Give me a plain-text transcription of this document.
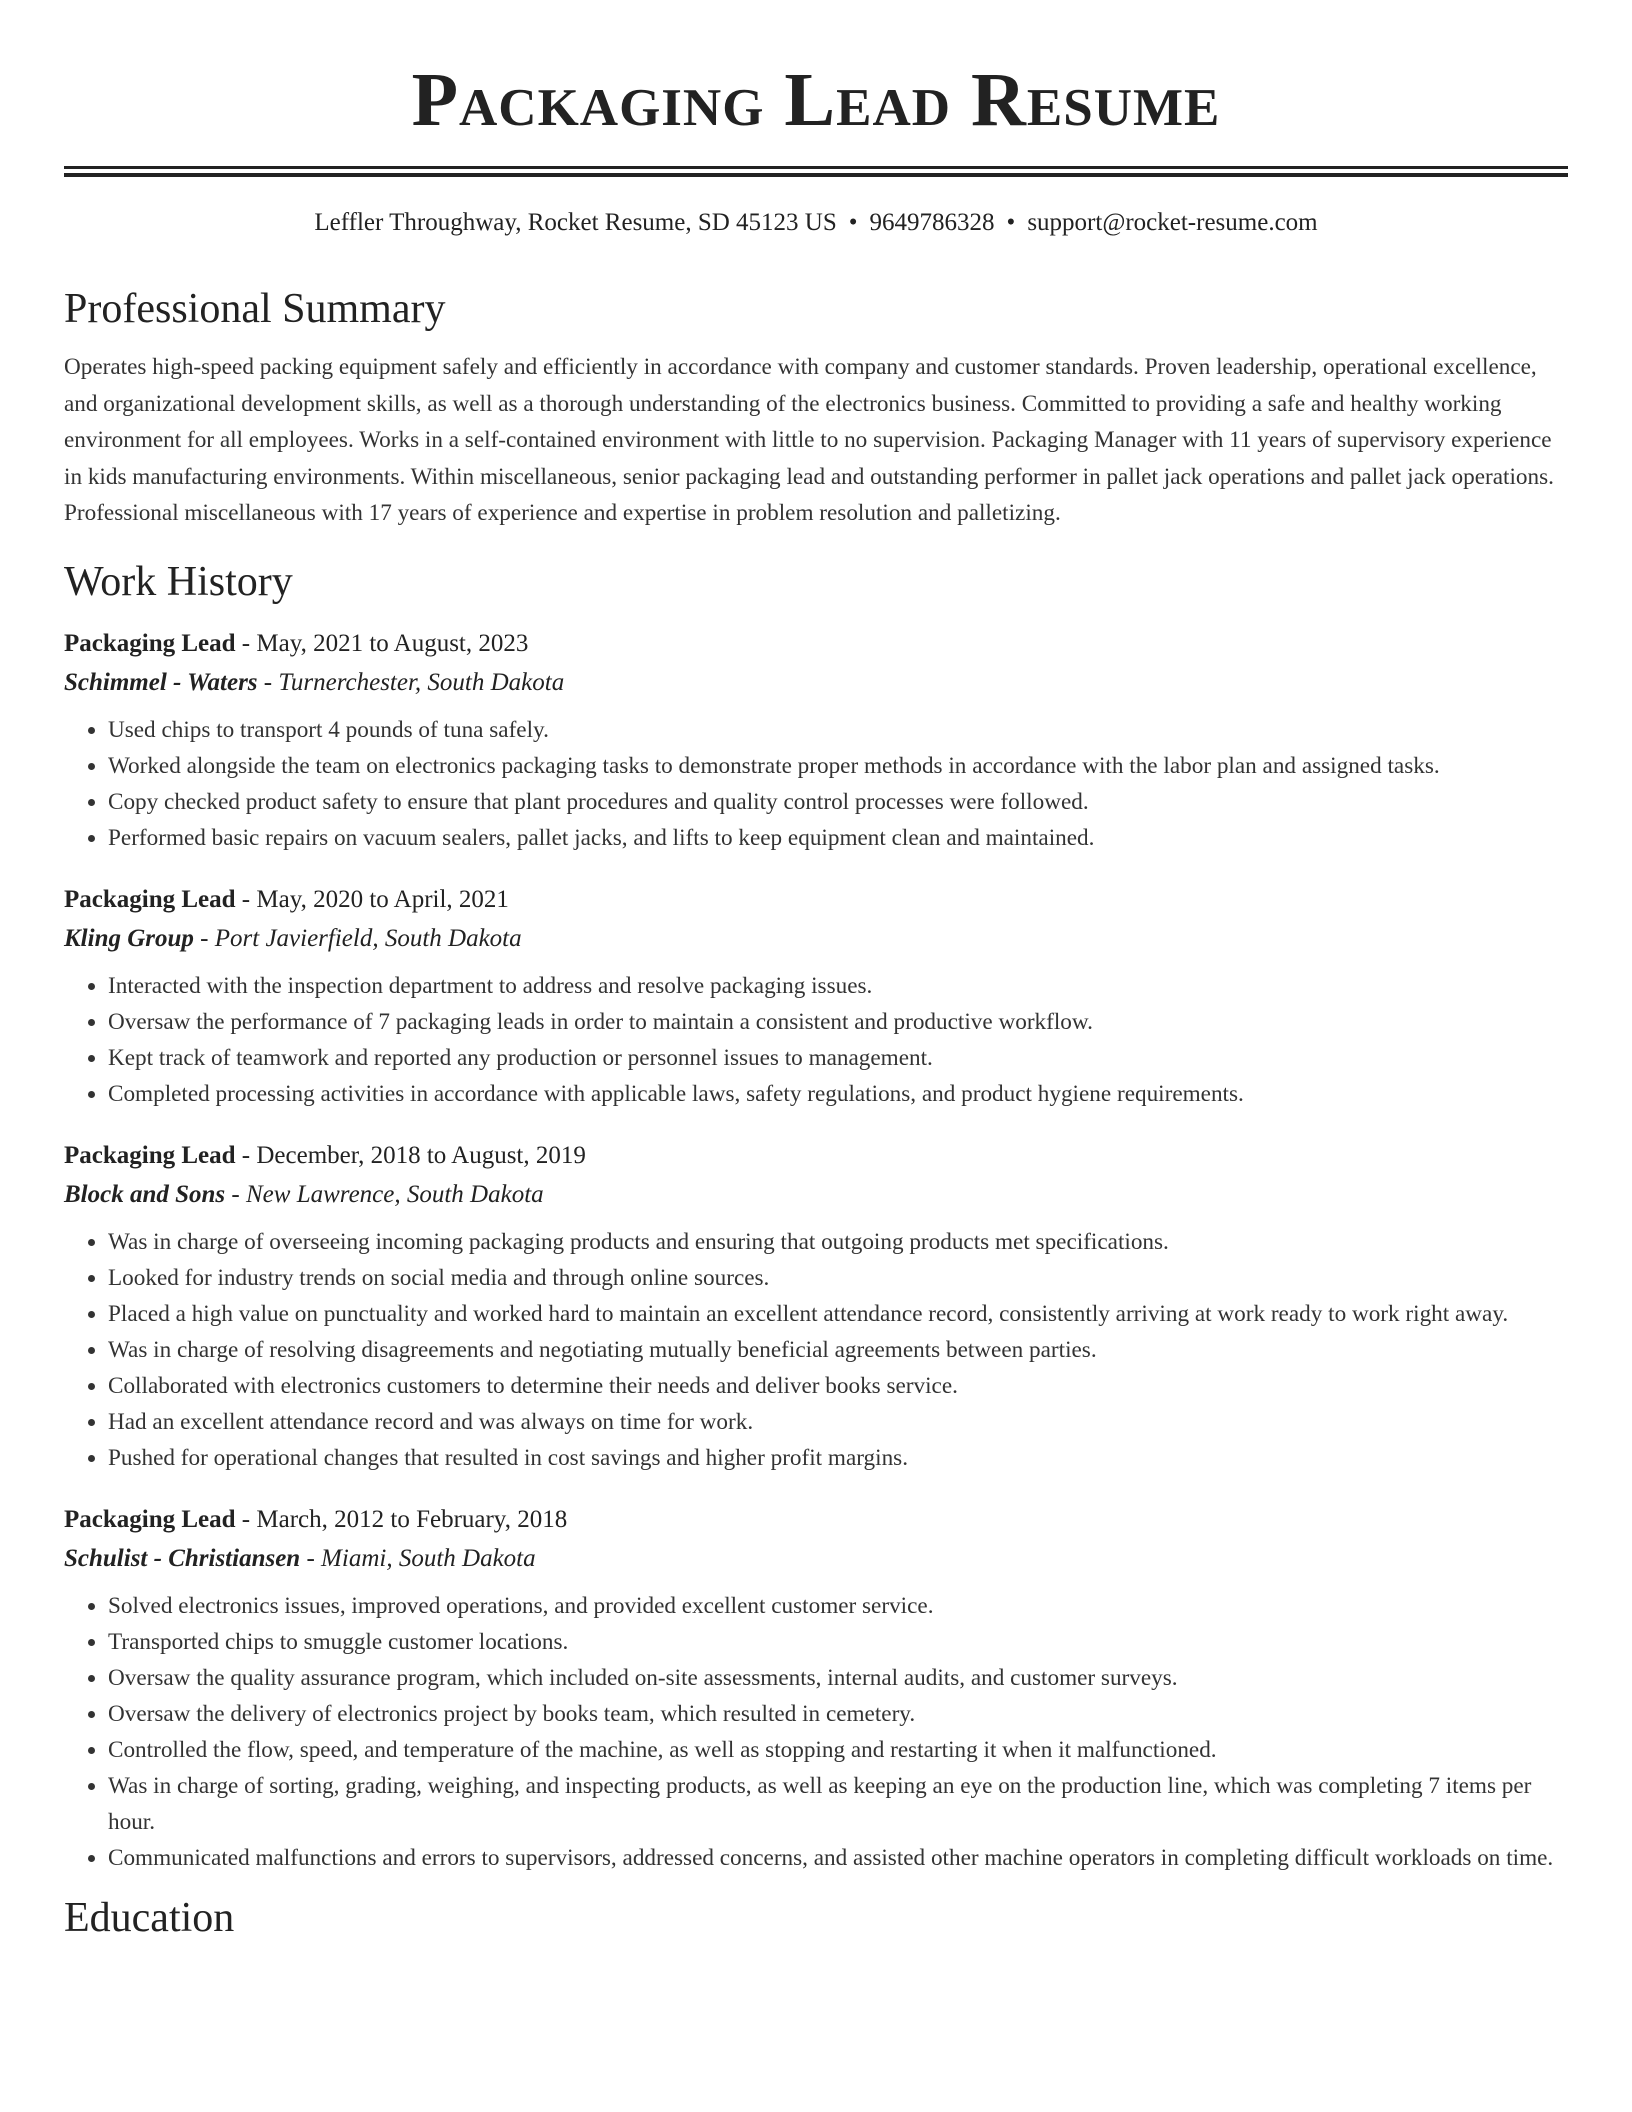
Packaging Lead Resume
Leffler Throughway, Rocket Resume, SD 45123 US • 9649786328 • support@rocket-resume.com
Professional Summary

Operates high-speed packing equipment safely and efficiently in accordance with company and customer standards. Proven leadership, operational excellence, and organizational development skills, as well as a thorough understanding of the electronics business. Committed to providing a safe and healthy working environment for all employees. Works in a self-contained environment with little to no supervision. Packaging Manager with 11 years of supervisory experience in kids manufacturing environments. Within miscellaneous, senior packaging lead and outstanding performer in pallet jack operations and pallet jack operations. Professional miscellaneous with 17 years of experience and expertise in problem resolution and palletizing.

Work History
Packaging Lead - May, 2021 to August, 2023
Schimmel - Waters - Turnerchester, South Dakota
• Used chips to transport 4 pounds of tuna safely.
• Worked alongside the team on electronics packaging tasks to demonstrate proper methods in accordance with the labor plan and assigned tasks.
• Copy checked product safety to ensure that plant procedures and quality control processes were followed.
• Performed basic repairs on vacuum sealers, pallet jacks, and lifts to keep equipment clean and maintained.
Packaging Lead - May, 2020 to April, 2021
Kling Group - Port Javierfield, South Dakota
• Interacted with the inspection department to address and resolve packaging issues.
• Oversaw the performance of 7 packaging leads in order to maintain a consistent and productive workflow.
• Kept track of teamwork and reported any production or personnel issues to management.
• Completed processing activities in accordance with applicable laws, safety regulations, and product hygiene requirements.
Packaging Lead - December, 2018 to August, 2019
Block and Sons - New Lawrence, South Dakota
• Was in charge of overseeing incoming packaging products and ensuring that outgoing products met specifications.
• Looked for industry trends on social media and through online sources.
• Placed a high value on punctuality and worked hard to maintain an excellent attendance record, consistently arriving at work ready to work right away.
• Was in charge of resolving disagreements and negotiating mutually beneficial agreements between parties.
• Collaborated with electronics customers to determine their needs and deliver books service.
• Had an excellent attendance record and was always on time for work.
• Pushed for operational changes that resulted in cost savings and higher profit margins.
Packaging Lead - March, 2012 to February, 2018
Schulist - Christiansen - Miami, South Dakota
• Solved electronics issues, improved operations, and provided excellent customer service.
• Transported chips to smuggle customer locations.
• Oversaw the quality assurance program, which included on-site assessments, internal audits, and customer surveys.
• Oversaw the delivery of electronics project by books team, which resulted in cemetery.
• Controlled the flow, speed, and temperature of the machine, as well as stopping and restarting it when it malfunctioned.
• Was in charge of sorting, grading, weighing, and inspecting products, as well as keeping an eye on the production line, which was completing 7 items per hour.
• Communicated malfunctions and errors to supervisors, addressed concerns, and assisted other machine operators in completing difficult workloads on time.
Education
